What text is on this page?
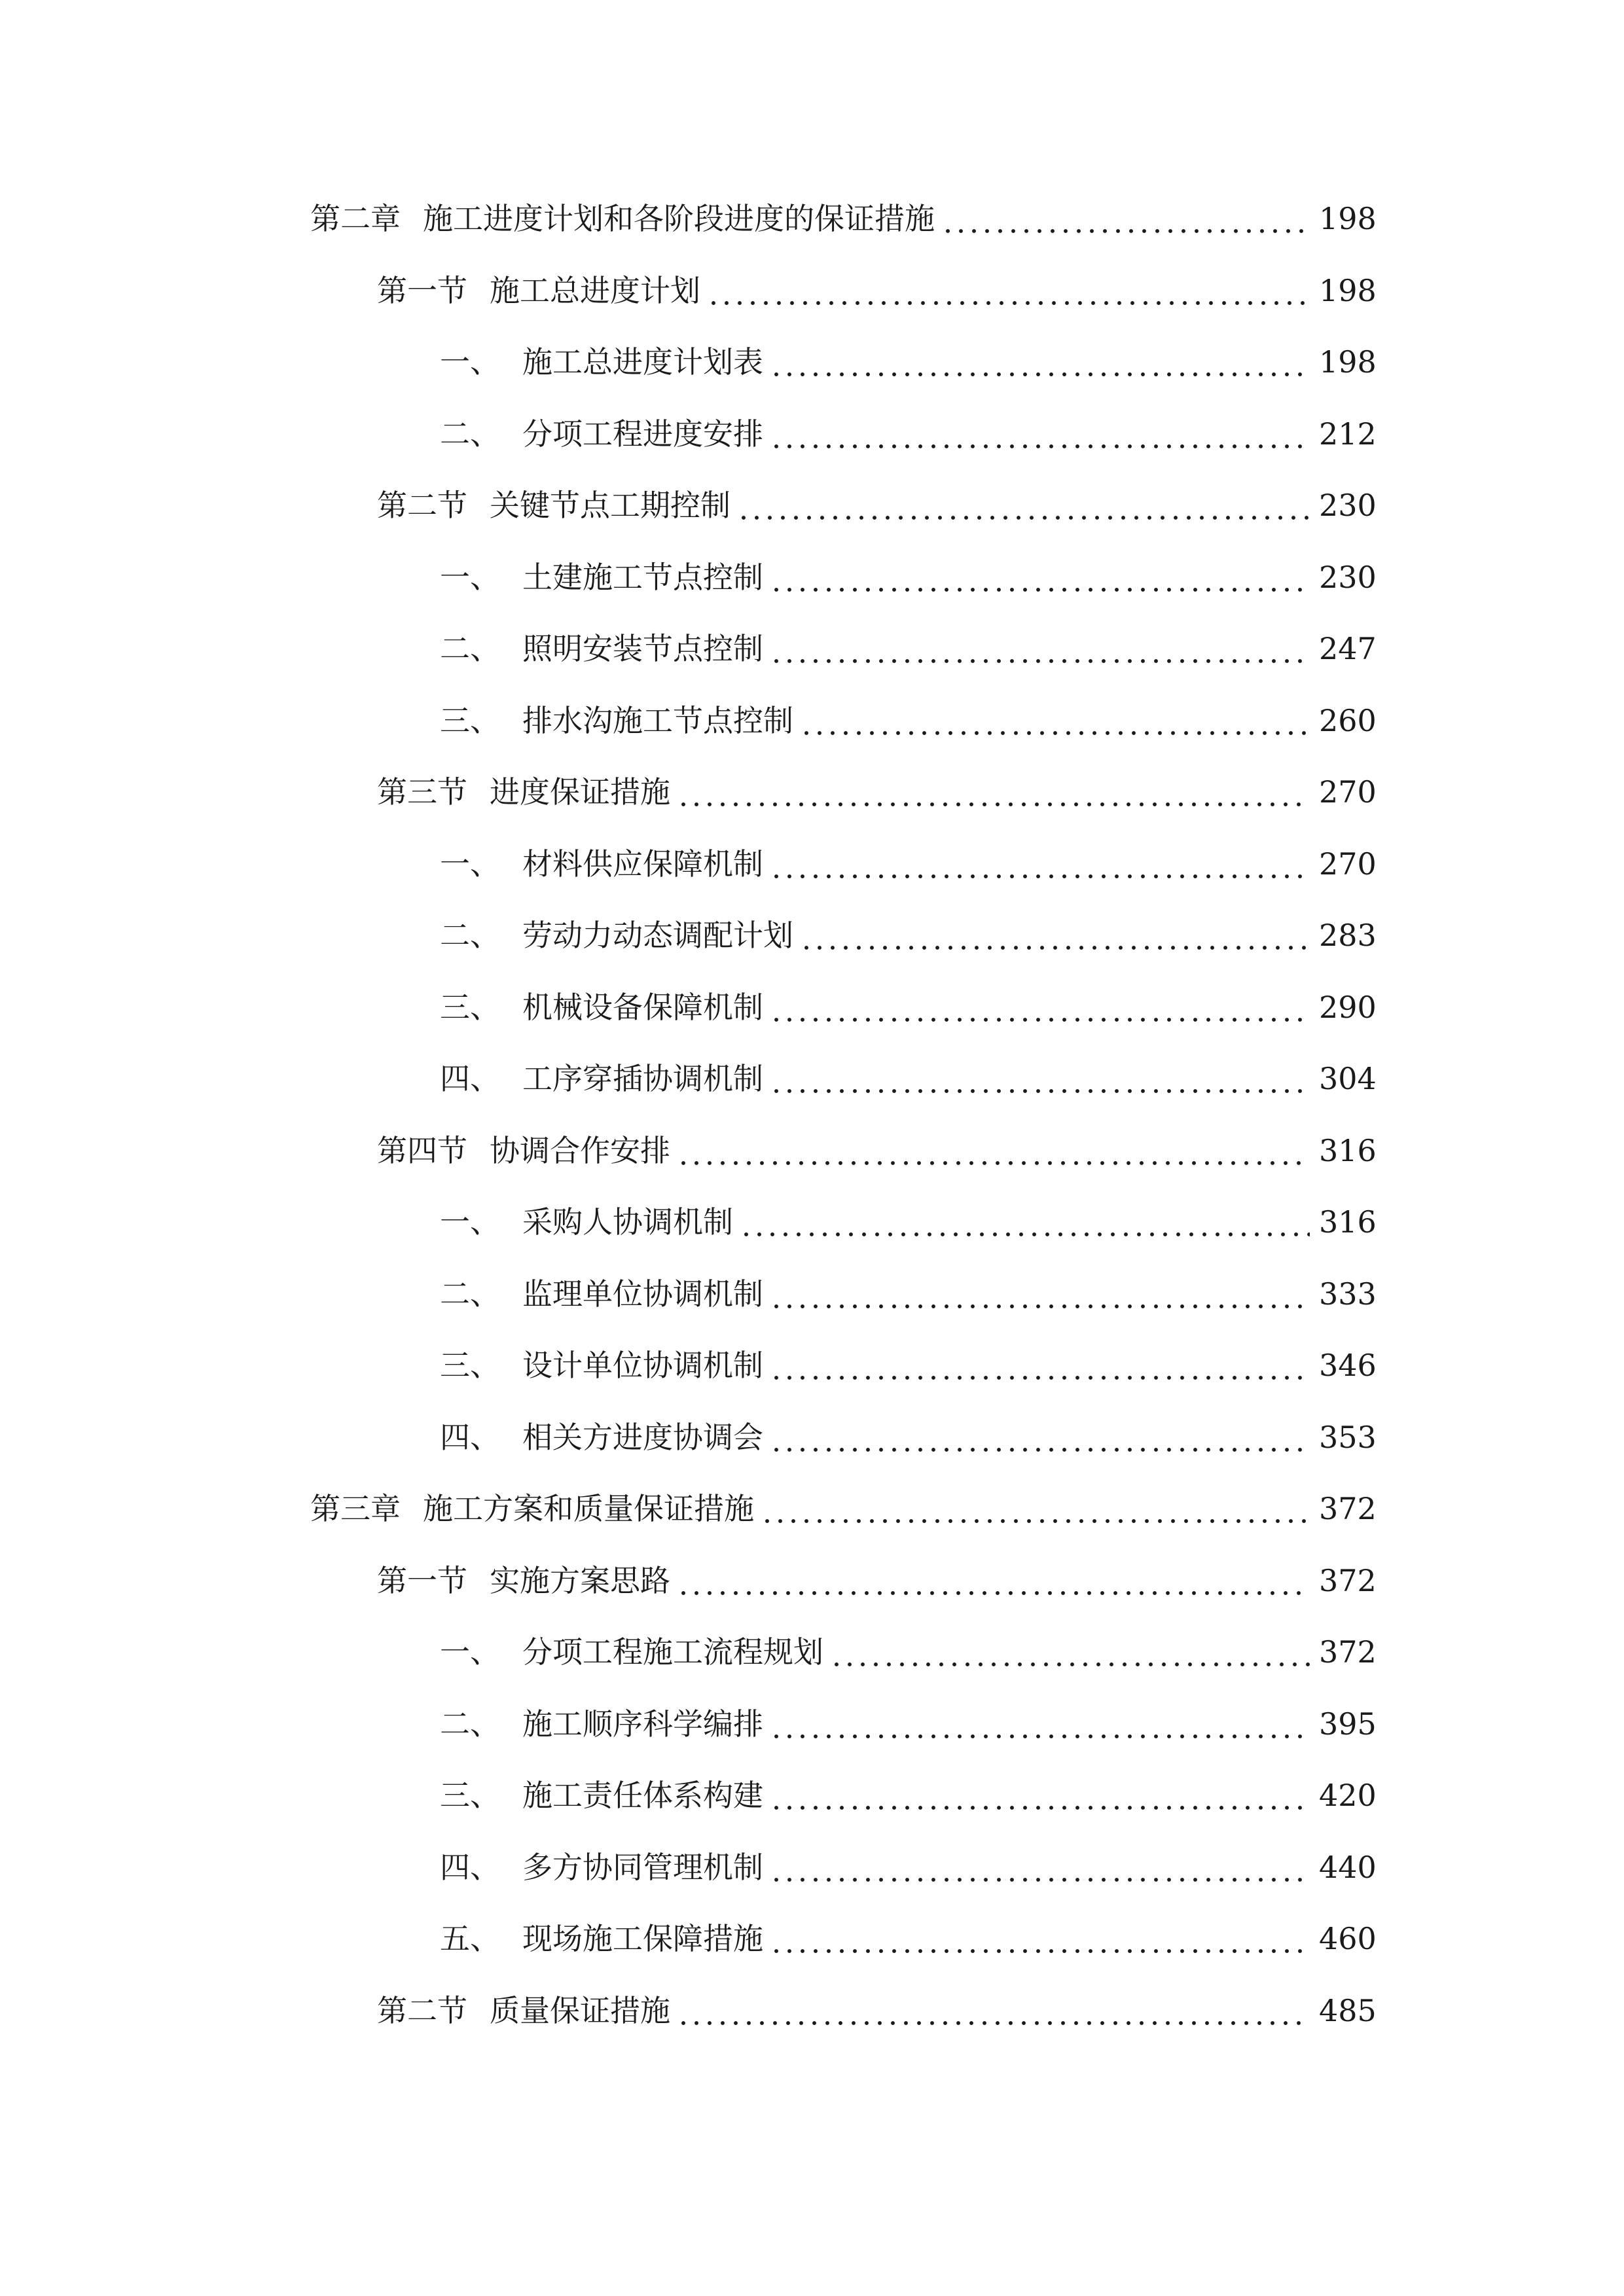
第二章 施工进度计划和各阶段进度的保证措施	198
第一节 施工总进度计划	198
一、 施工总进度计划表	198
二、 分项工程进度安排	212
第二节 关键节点工期控制	230
一、 土建施工节点控制	230
二、 照明安装节点控制	247
三、 排水沟施工节点控制	260
第三节 进度保证措施	270
一、 材料供应保障机制	270
二、 劳动力动态调配计划	283
三、 机械设备保障机制	290
四、 工序穿插协调机制	304
第四节 协调合作安排	316
一、 采购人协调机制	316
二、 监理单位协调机制	333
三、 设计单位协调机制	346
四、 相关方进度协调会	353
第三章 施工方案和质量保证措施	372
第一节 实施方案思路	372
一、 分项工程施工流程规划	372
二、 施工顺序科学编排	395
三、 施工责任体系构建	420
四、 多方协同管理机制	440
五、 现场施工保障措施	460
第二节 质量保证措施	485
